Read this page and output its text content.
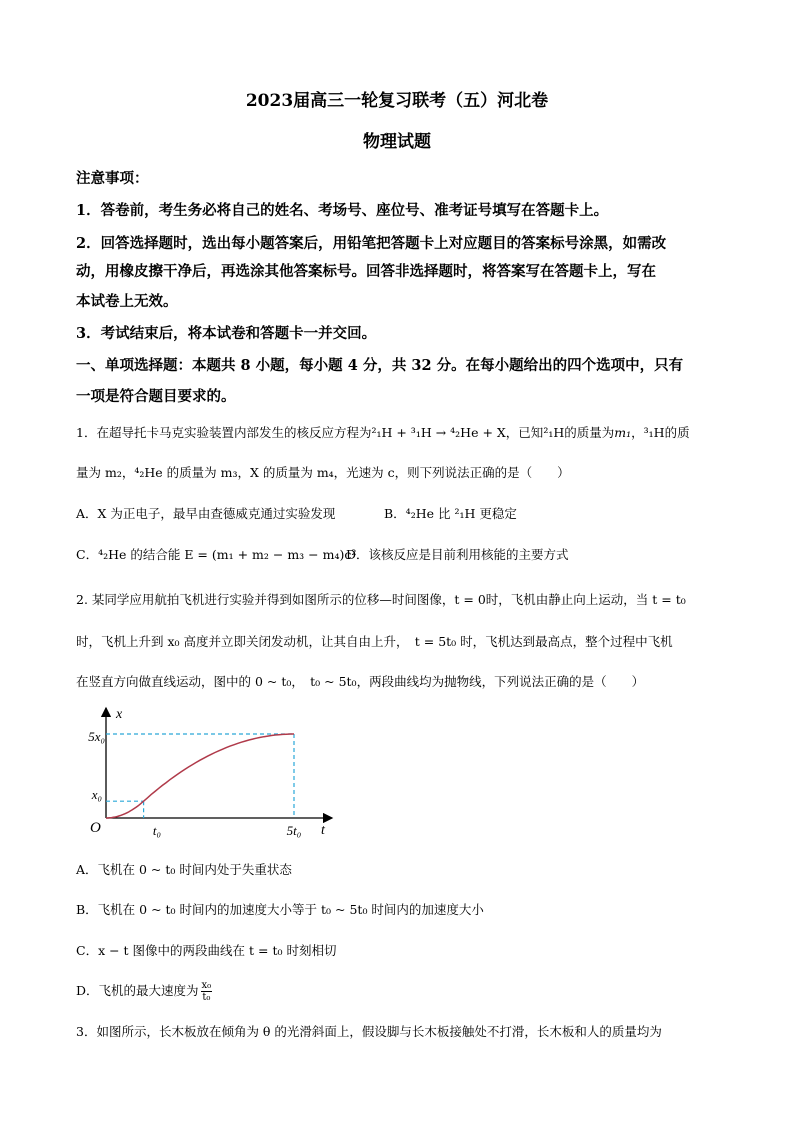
2023届高三一轮复习联考（五）河北卷
物理试题
注意事项：
1．答卷前，考生务必将自己的姓名、考场号、座位号、准考证号填写在答题卡上。
2．回答选择题时，选出每小题答案后，用铅笔把答题卡上对应题目的答案标号涂黑，如需改
动，用橡皮擦干净后，再选涂其他答案标号。回答非选择题时，将答案写在答题卡上，写在
本试卷上无效。
3．考试结束后，将本试卷和答题卡一并交回。
一、单项选择题：本题共 8 小题，每小题 4 分，共 32 分。在每小题给出的四个选项中，只有
一项是符合题目要求的。
1．在超导托卡马克实验装置内部发生的核反应方程为²₁H + ³₁H → ⁴₂He + X，已知²₁H的质量为m₁，³₁H的质
量为 m₂，⁴₂He 的质量为 m₃，X 的质量为 m₄，光速为 c，则下列说法正确的是（　　）
A．X 为正电子，最早由查德威克通过实验发现	B．⁴₂He 比 ²₁H 更稳定
C．⁴₂He 的结合能 E = (m₁ + m₂ − m₃ − m₄)c²
D．该核反应是目前利用核能的主要方式
2. 某同学应用航拍飞机进行实验并得到如图所示的位移—时间图像，t = 0时，飞机由静止向上运动，当 t = t₀
时，飞机上升到 x₀ 高度并立即关闭发动机，让其自由上升，　t = 5t₀ 时，飞机达到最高点，整个过程中飞机
在竖直方向做直线运动，图中的 0 ~ t₀，　t₀ ~ 5t₀，两段曲线均为抛物线，下列说法正确的是（　　）
x
t
O
5x₀
x₀
t₀	5t₀
A．飞机在 0 ~ t₀ 时间内处于失重状态
B．飞机在 0 ~ t₀ 时间内的加速度大小等于 t₀ ~ 5t₀ 时间内的加速度大小
C．x − t 图像中的两段曲线在 t = t₀ 时刻相切
D．飞机的最大速度为 $\frac{\text{x₀}}{\text{t₀}}$
3．如图所示，长木板放在倾角为 θ 的光滑斜面上，假设脚与长木板接触处不打滑，长木板和人的质量均为
